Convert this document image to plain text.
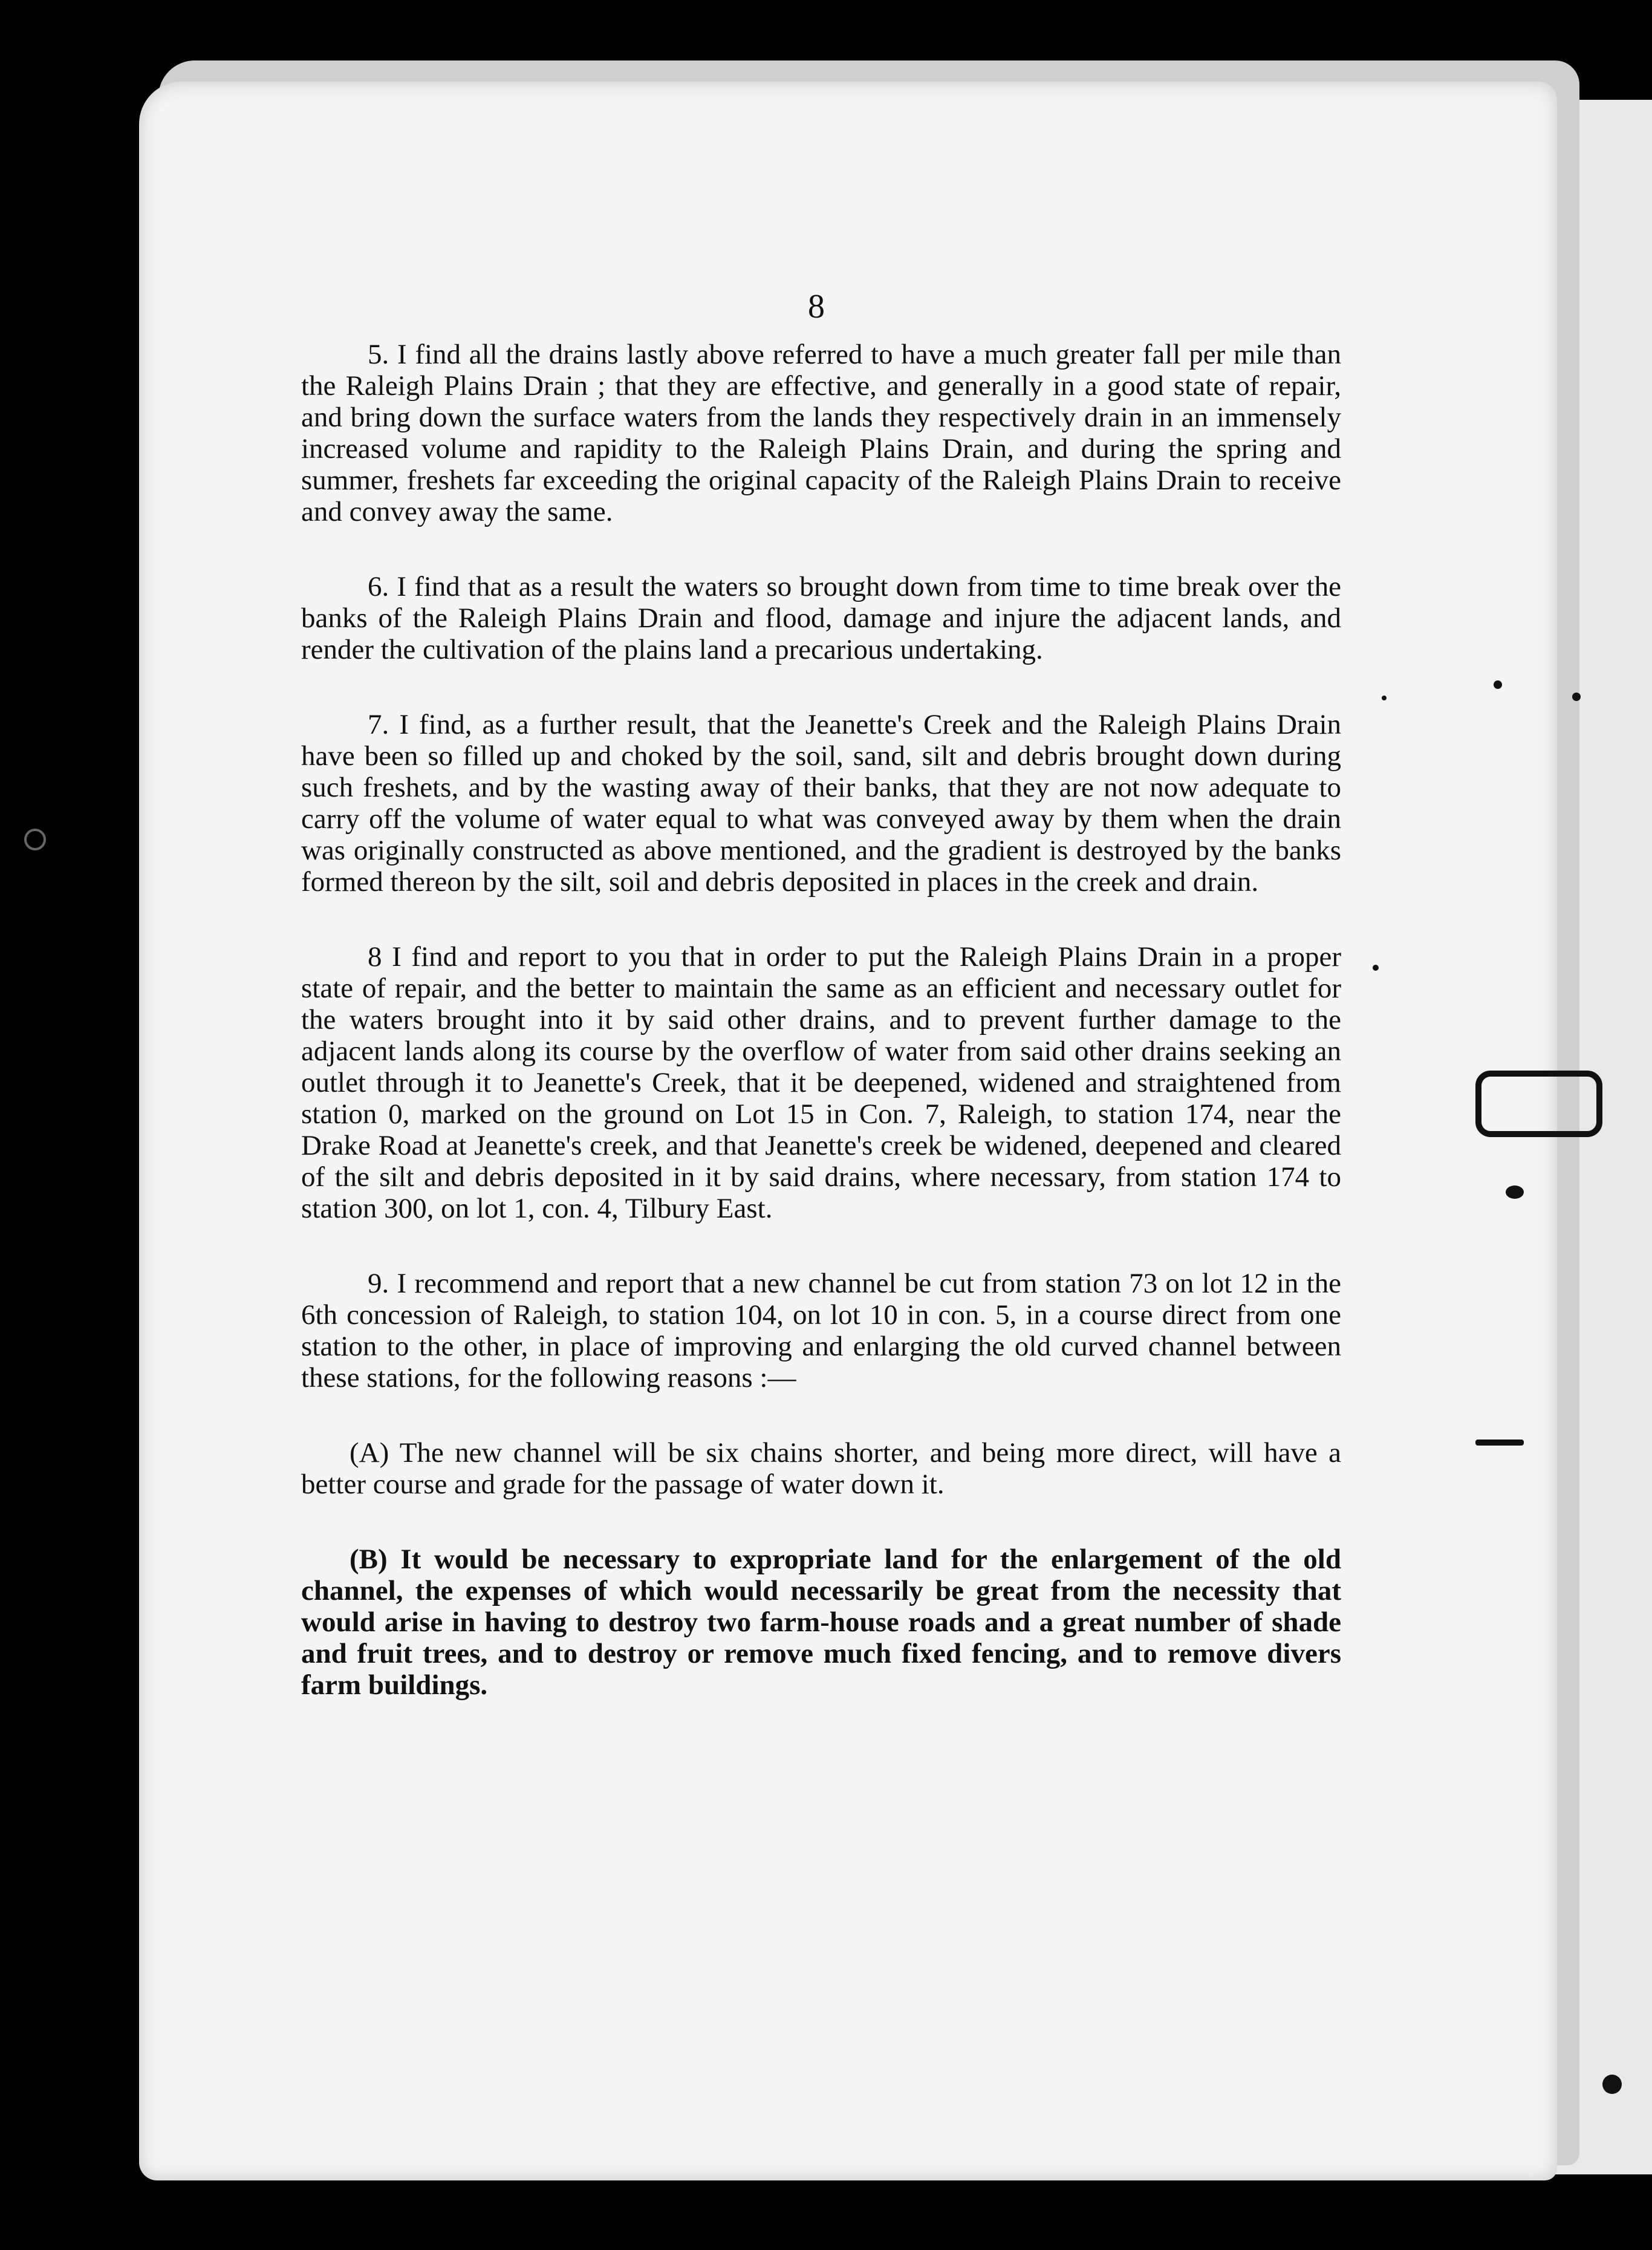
8

5. I find all the drains lastly above referred to have a much greater fall per mile than the Raleigh Plains Drain ; that they are effective, and generally in a good state of repair, and bring down the surface waters from the lands they respectively drain in an immensely increased volume and rapidity to the Raleigh Plains Drain, and during the spring and summer, freshets far exceeding the original capacity of the Raleigh Plains Drain to receive and convey away the same.

6. I find that as a result the waters so brought down from time to time break over the banks of the Raleigh Plains Drain and flood, damage and injure the adjacent lands, and render the cultivation of the plains land a precarious undertaking.

7. I find, as a further result, that the Jeanette's Creek and the Raleigh Plains Drain have been so filled up and choked by the soil, sand, silt and debris brought down during such freshets, and by the wasting away of their banks, that they are not now adequate to carry off the volume of water equal to what was conveyed away by them when the drain was originally constructed as above mentioned, and the gradient is destroyed by the banks formed thereon by the silt, soil and debris deposited in places in the creek and drain.

8 I find and report to you that in order to put the Raleigh Plains Drain in a proper state of repair, and the better to maintain the same as an efficient and necessary outlet for the waters brought into it by said other drains, and to prevent further damage to the adjacent lands along its course by the overflow of water from said other drains seeking an outlet through it to Jeanette's Creek, that it be deepened, widened and straightened from station 0, marked on the ground on Lot 15 in Con. 7, Raleigh, to station 174, near the Drake Road at Jeanette's creek, and that Jeanette's creek be widened, deepened and cleared of the silt and debris deposited in it by said drains, where necessary, from station 174 to station 300, on lot 1, con. 4, Tilbury East.

9. I recommend and report that a new channel be cut from station 73 on lot 12 in the 6th concession of Raleigh, to station 104, on lot 10 in con. 5, in a course direct from one station to the other, in place of improving and enlarging the old curved channel between these stations, for the following reasons :—

(A) The new channel will be six chains shorter, and being more direct, will have a better course and grade for the passage of water down it.

(B) It would be necessary to expropriate land for the enlargement of the old channel, the expenses of which would necessarily be great from the necessity that would arise in having to destroy two farm-house roads and a great number of shade and fruit trees, and to destroy or remove much fixed fencing, and to remove divers farm buildings.
